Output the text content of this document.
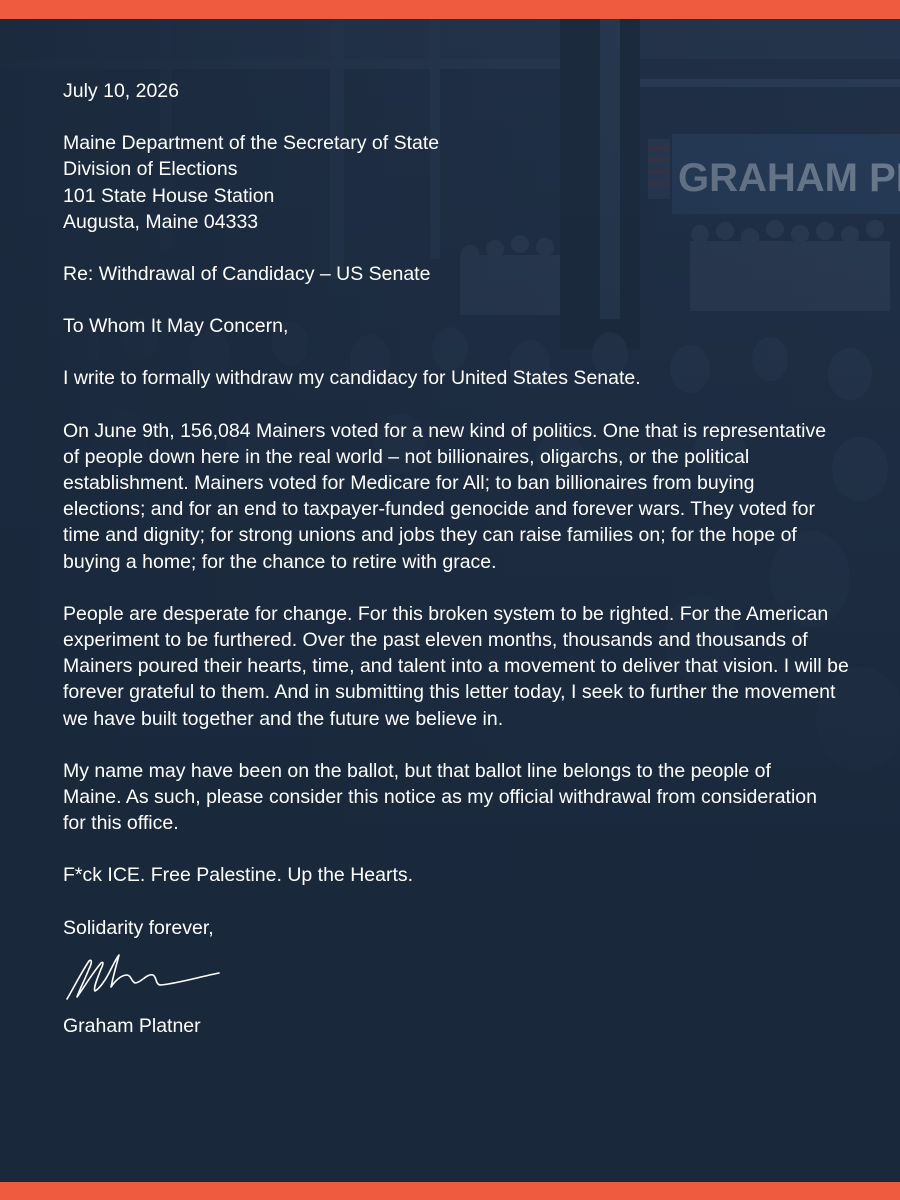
July 10, 2026

Maine Department of the Secretary of State

Division of Elections

101 State House Station

Augusta, Maine 04333

Re: Withdrawal of Candidacy – US Senate

To Whom It May Concern,

I write to formally withdraw my candidacy for United States Senate.

On June 9th, 156,084 Mainers voted for a new kind of politics. One that is representative of people down here in the real world – not billionaires, oligarchs, or the political establishment. Mainers voted for Medicare for All; to ban billionaires from buying elections; and for an end to taxpayer-funded genocide and forever wars. They voted for time and dignity; for strong unions and jobs they can raise families on; for the hope of buying a home; for the chance to retire with grace.

People are desperate for change. For this broken system to be righted. For the American experiment to be furthered. Over the past eleven months, thousands and thousands of Mainers poured their hearts, time, and talent into a movement to deliver that vision. I will be forever grateful to them. And in submitting this letter today, I seek to further the movement we have built together and the future we believe in.

My name may have been on the ballot, but that ballot line belongs to the people of Maine. As such, please consider this notice as my official withdrawal from consideration for this office.

F*ck ICE. Free Palestine. Up the Hearts.

Solidarity forever,

Graham Platner
